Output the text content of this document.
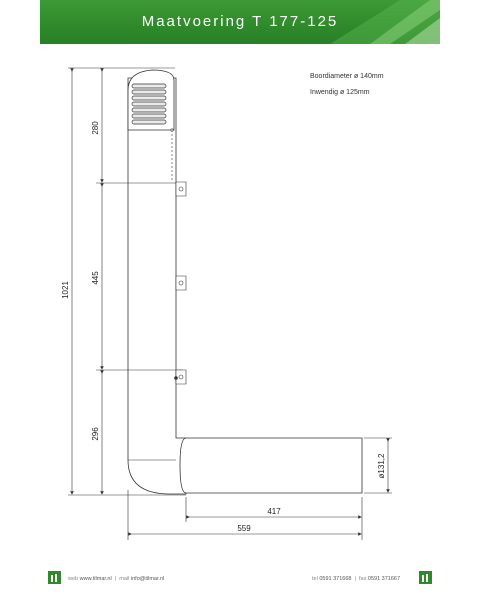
Maatvoering T 177-125
Boordiameter ø 140mm
Inwendig ø 125mm
1021
280
445
296
417
559
ø131,2
web www.tilmar.nl | mail info@tilmar.nl	tel 0591 371668 | fax 0591 371667
